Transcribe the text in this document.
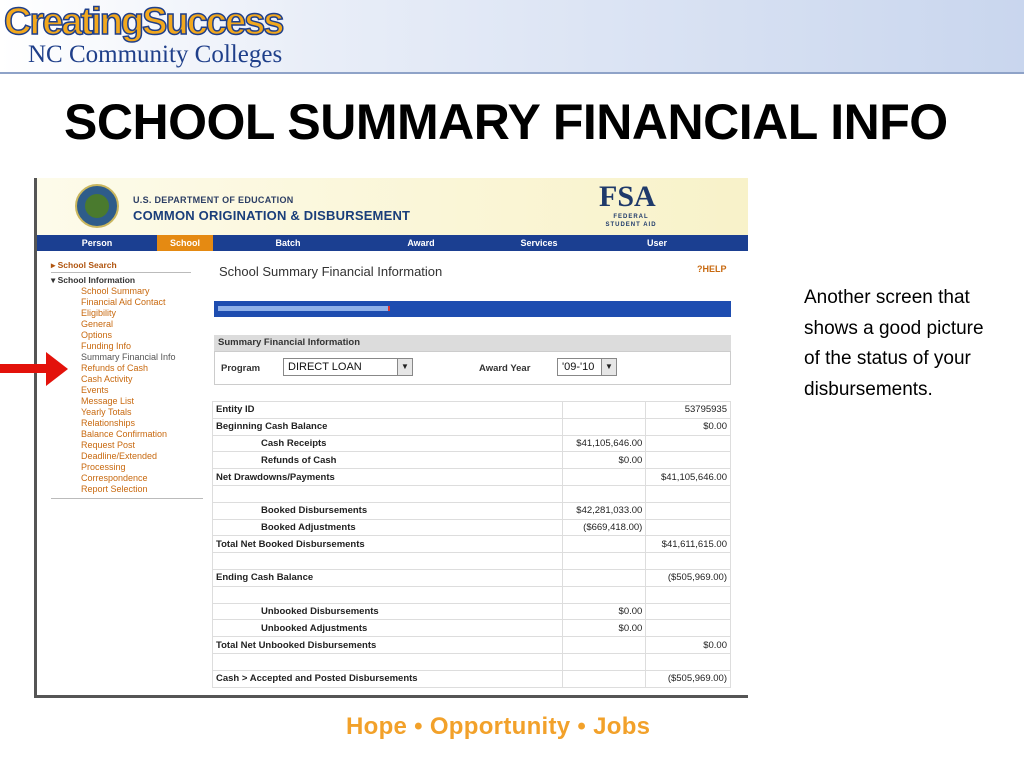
CreatingSuccess
NC Community Colleges
SCHOOL SUMMARY FINANCIAL INFO
U.S. DEPARTMENT OF EDUCATION
COMMON ORIGINATION & DISBURSEMENT
FSA
FEDERAL STUDENT AID
Person	School	Batch	Award	Services	User
▸ School Search
▾ School Information
School Summary
Financial Aid Contact
Eligibility
General
Options
Funding Info
Summary Financial Info
Refunds of Cash
Cash Activity
Events
Message List
Yearly Totals
Relationships
Balance Confirmation
Request Post
Deadline/Extended
Processing
Correspondence
Report Selection
School Summary Financial Information	?HELP
Summary Financial Information
Program	DIRECT LOAN	▼	Award Year	'09-'10	▼
Entity ID		53795935
Beginning Cash Balance		$0.00
Cash Receipts	$41,105,646.00	
Refunds of Cash	$0.00	
Net Drawdowns/Payments		$41,105,646.00

Booked Disbursements	$42,281,033.00	
Booked Adjustments	($669,418.00)	
Total Net Booked Disbursements		$41,611,615.00

Ending Cash Balance		($505,969.00)

Unbooked Disbursements	$0.00	
Unbooked Adjustments	$0.00	
Total Net Unbooked Disbursements		$0.00

Cash > Accepted and Posted Disbursements		($505,969.00)
Another screen that shows a good picture of the status of your disbursements.
Hope • Opportunity • Jobs
